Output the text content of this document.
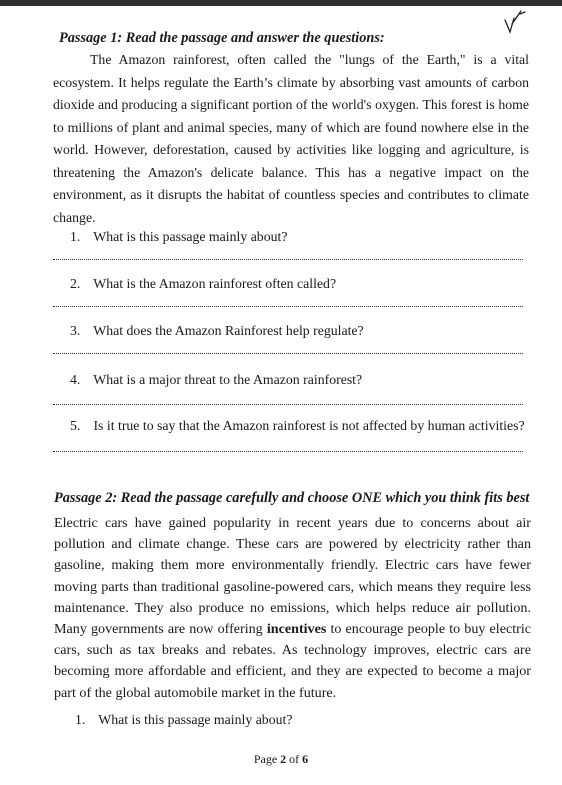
Passage 1: Read the passage and answer the questions:

The Amazon rainforest, often called the "lungs of the Earth," is a vital ecosystem. It helps regulate the Earth’s climate by absorbing vast amounts of carbon dioxide and producing a significant portion of the world's oxygen. This forest is home to millions of plant and animal species, many of which are found nowhere else in the world. However, deforestation, caused by activities like logging and agriculture, is threatening the Amazon's delicate balance. This has a negative impact on the environment, as it disrupts the habitat of countless species and contributes to climate change.

1. What is this passage mainly about?
2. What is the Amazon rainforest often called?
3. What does the Amazon Rainforest help regulate?
4. What is a major threat to the Amazon rainforest?
5. Is it true to say that the Amazon rainforest is not affected by human activities?
Passage 2: Read the passage carefully and choose ONE which you think fits best

Electric cars have gained popularity in recent years due to concerns about air pollution and climate change. These cars are powered by electricity rather than gasoline, making them more environmentally friendly. Electric cars have fewer moving parts than traditional gasoline-powered cars, which means they require less maintenance. They also produce no emissions, which helps reduce air pollution. Many governments are now offering incentives to encourage people to buy electric cars, such as tax breaks and rebates. As technology improves, electric cars are becoming more affordable and efficient, and they are expected to become a major part of the global automobile market in the future.

1. What is this passage mainly about?
Page 2 of 6
